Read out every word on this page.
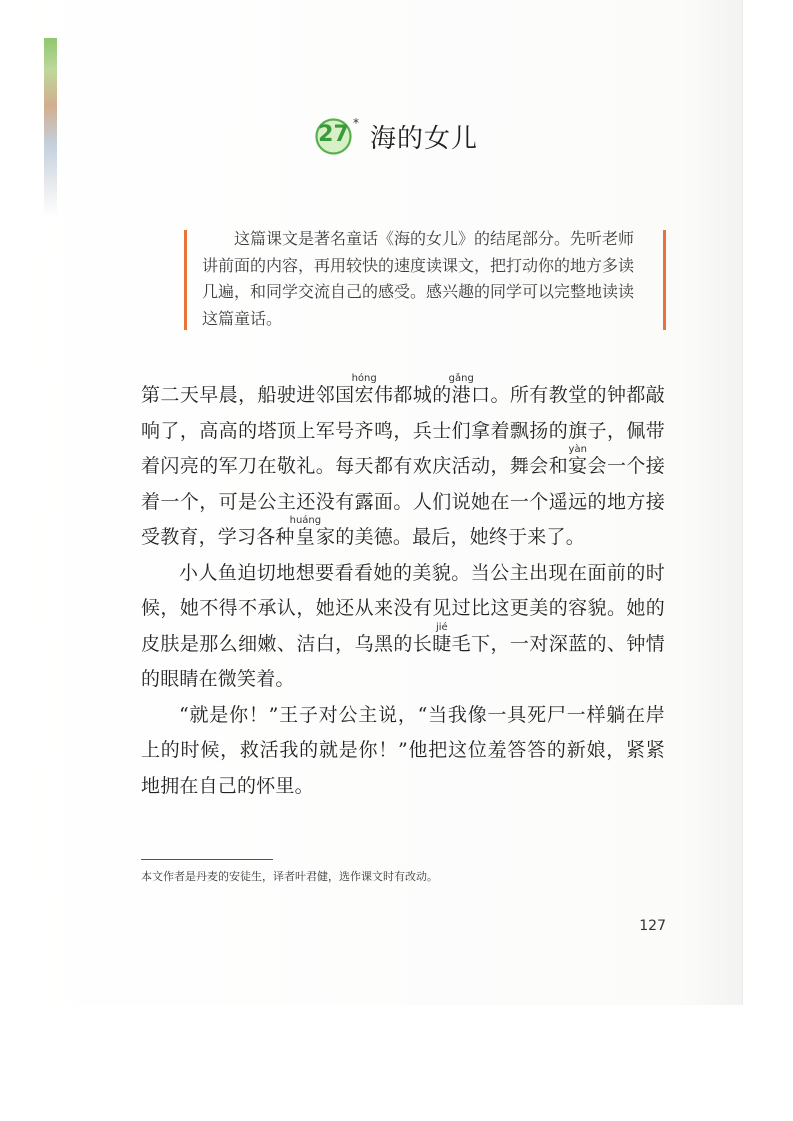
27 *
海的女儿
这篇课文是著名童话《海的女儿》的结尾部分。先听老师讲前面的内容，再用较快的速度读课文，把打动你的地方多读几遍，和同学交流自己的感受。感兴趣的同学可以完整地读读这篇童话。

第二天早晨，船驶进邻国宏hóng伟都城的港gǎng口。所有教堂的钟都敲响了，高高的塔顶上军号齐鸣，兵士们拿着飘扬的旗子，佩带着闪亮的军刀在敬礼。每天都有欢庆活动，舞会和宴yàn会一个接着一个，可是公主还没有露面。人们说她在一个遥远的地方接受教育，学习各种皇huáng家的美德。最后，她终于来了。

小人鱼迫切地想要看看她的美貌。当公主出现在面前的时候，她不得不承认，她还从来没有见过比这更美的容貌。她的皮肤是那么细嫩、洁白，乌黑的长睫jié毛下，一对深蓝的、钟情的眼睛在微笑着。

“就是你！”王子对公主说，“当我像一具死尸一样躺在岸上的时候，救活我的就是你！”他把这位羞答答的新娘，紧紧地拥在自己的怀里。

本文作者是丹麦的安徒生，译者叶君健，选作课文时有改动。
127
